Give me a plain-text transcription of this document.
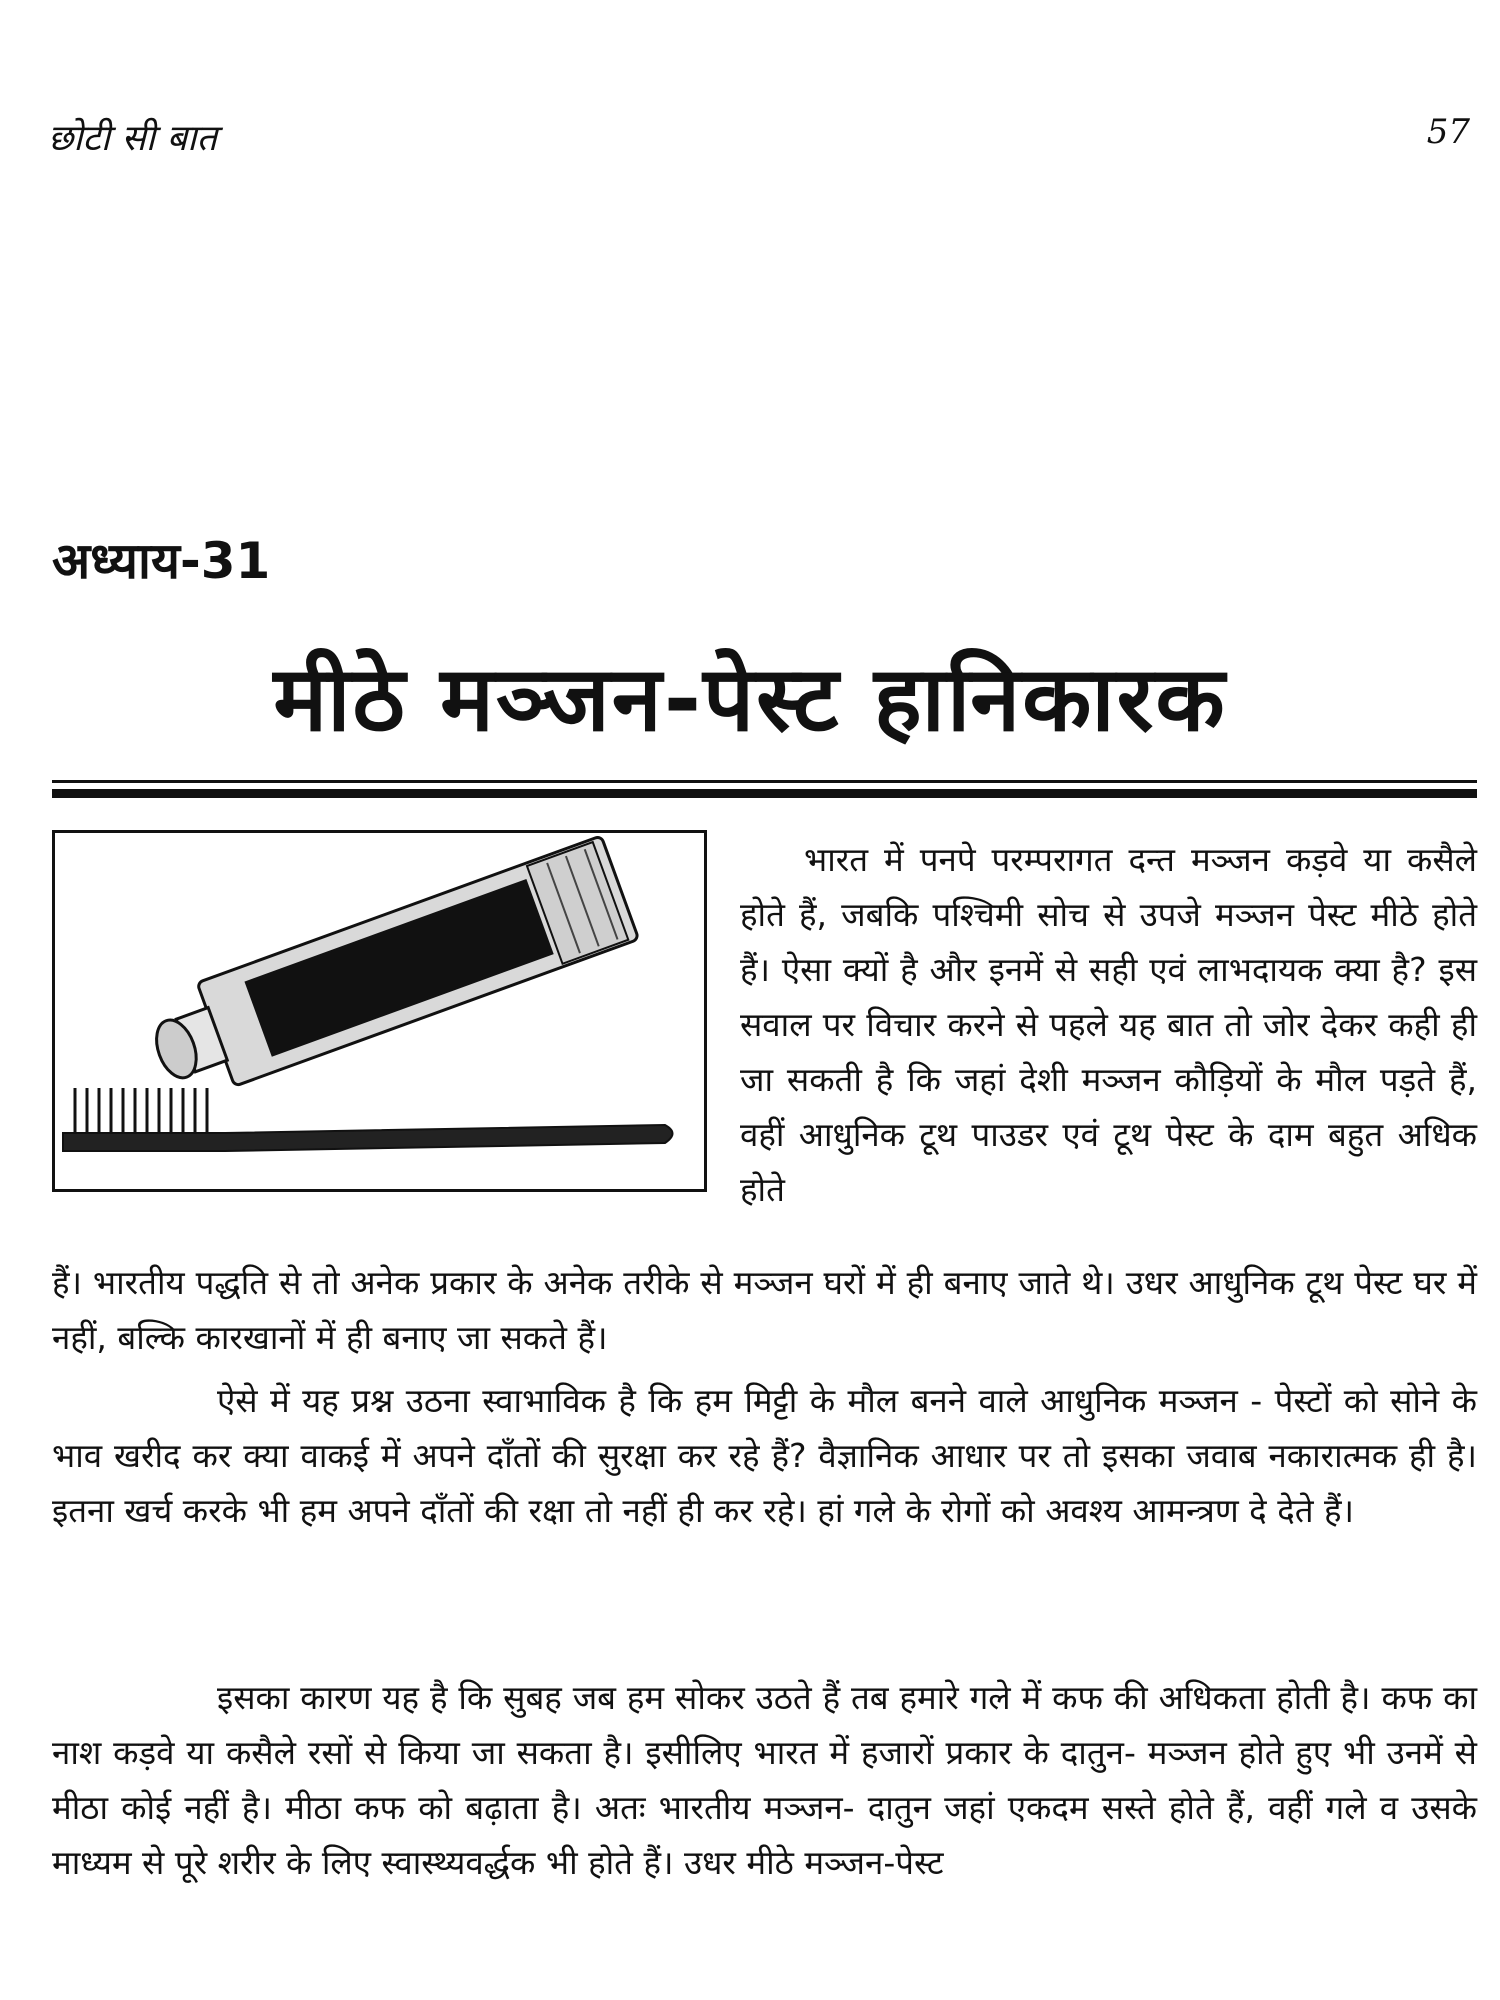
छोटी सी बात	57
अध्याय-31
मीठे मञ्जन-पेस्ट हानिकारक

भारत में पनपे परम्परागत दन्त मञ्जन कड़वे या कसैले होते हैं, जबकि पश्चिमी सोच से उपजे मञ्जन पेस्ट मीठे होते हैं। ऐसा क्यों है और इनमें से सही एवं लाभदायक क्या है? इस सवाल पर विचार करने से पहले यह बात तो जोर देकर कही ही जा सकती है कि जहां देशी मञ्जन कौड़ियों के मौल पड़ते हैं, वहीं आधुनिक टूथ पाउडर एवं टूथ पेस्ट के दाम बहुत अधिक होते

हैं। भारतीय पद्धति से तो अनेक प्रकार के अनेक तरीके से मञ्जन घरों में ही बनाए जाते थे। उधर आधुनिक टूथ पेस्ट घर में नहीं, बल्कि कारखानों में ही बनाए जा सकते हैं।

ऐसे में यह प्रश्न उठना स्वाभाविक है कि हम मिट्टी के मौल बनने वाले आधुनिक मञ्जन - पेस्टों को सोने के भाव खरीद कर क्या वाकई में अपने दाँतों की सुरक्षा कर रहे हैं? वैज्ञानिक आधार पर तो इसका जवाब नकारात्मक ही है। इतना खर्च करके भी हम अपने दाँतों की रक्षा तो नहीं ही कर रहे। हां गले के रोगों को अवश्य आमन्त्रण दे देते हैं।

इसका कारण यह है कि सुबह जब हम सोकर उठते हैं तब हमारे गले में कफ की अधिकता होती है। कफ का नाश कड़वे या कसैले रसों से किया जा सकता है। इसीलिए भारत में हजारों प्रकार के दातुन- मञ्जन होते हुए भी उनमें से मीठा कोई नहीं है। मीठा कफ को बढ़ाता है। अतः भारतीय मञ्जन- दातुन जहां एकदम सस्ते होते हैं, वहीं गले व उसके माध्यम से पूरे शरीर के लिए स्वास्थ्यवर्द्धक भी होते हैं। उधर मीठे मञ्जन-पेस्ट
